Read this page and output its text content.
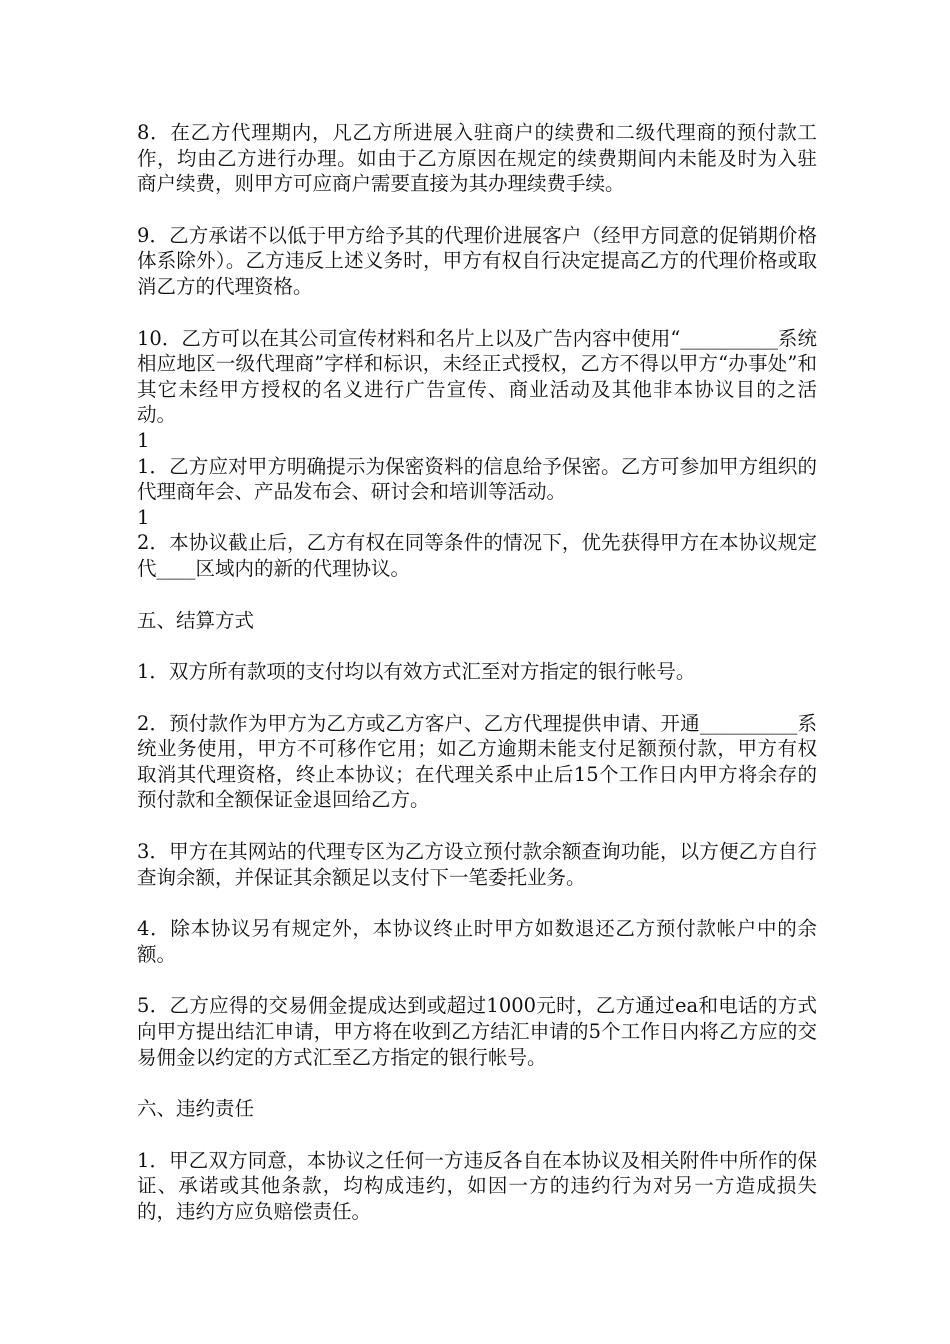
8．在乙方代理期内，凡乙方所进展入驻商户的续费和二级代理商的预付款工作，均由乙方进行办理。如由于乙方原因在规定的续费期间内未能及时为入驻商户续费，则甲方可应商户需要直接为其办理续费手续。

9．乙方承诺不以低于甲方给予其的代理价进展客户（经甲方同意的促销期价格体系除外）。乙方违反上述义务时，甲方有权自行决定提高乙方的代理价格或取消乙方的代理资格。

10．乙方可以在其公司宣传材料和名片上以及广告内容中使用“__________系统相应地区一级代理商”字样和标识，未经正式授权，乙方不得以甲方“办事处”和其它未经甲方授权的名义进行广告宣传、商业活动及其他非本协议目的之活动。

1

1．乙方应对甲方明确提示为保密资料的信息给予保密。乙方可参加甲方组织的代理商年会、产品发布会、研讨会和培训等活动。

1

2．本协议截止后，乙方有权在同等条件的情况下，优先获得甲方在本协议规定代____区域内的新的代理协议。

五、结算方式

1．双方所有款项的支付均以有效方式汇至对方指定的银行帐号。

2．预付款作为甲方为乙方或乙方客户、乙方代理提供申请、开通__________系统业务使用，甲方不可移作它用；如乙方逾期未能支付足额预付款，甲方有权取消其代理资格，终止本协议；在代理关系中止后15个工作日内甲方将余存的预付款和全额保证金退回给乙方。

3．甲方在其网站的代理专区为乙方设立预付款余额查询功能，以方便乙方自行查询余额，并保证其余额足以支付下一笔委托业务。

4．除本协议另有规定外，本协议终止时甲方如数退还乙方预付款帐户中的余额。

5．乙方应得的交易佣金提成达到或超过1000元时，乙方通过ea和电话的方式向甲方提出结汇申请，甲方将在收到乙方结汇申请的5个工作日内将乙方应的交易佣金以约定的方式汇至乙方指定的银行帐号。

六、违约责任

1．甲乙双方同意，本协议之任何一方违反各自在本协议及相关附件中所作的保证、承诺或其他条款，均构成违约，如因一方的违约行为对另一方造成损失的，违约方应负赔偿责任。
